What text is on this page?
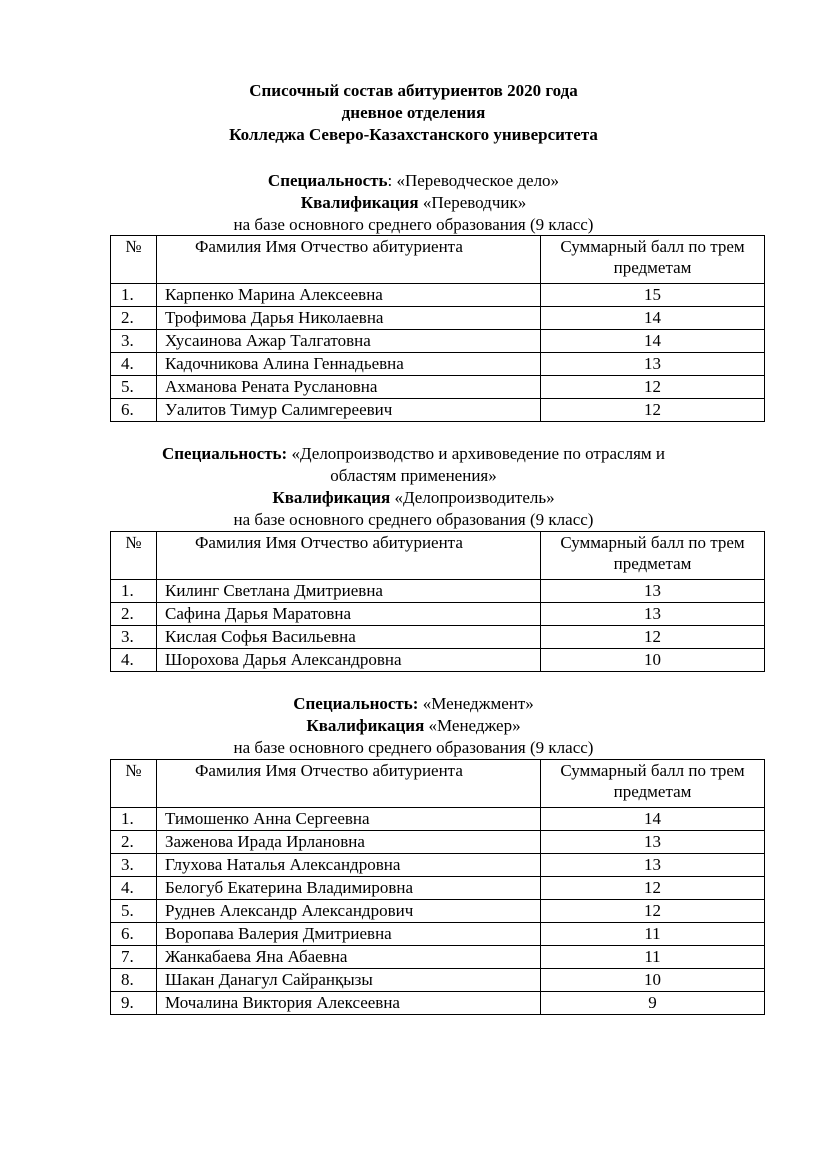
Списочный состав абитуриентов 2020 года
дневное отделения
Колледжа Северо-Казахстанского университета
Специальность: «Переводческое дело»
Квалификация «Переводчик»
на базе основного среднего образования (9 класс)
№	Фамилия Имя Отчество абитуриента	Суммарный балл по трем предметам
1.	Карпенко Марина Алексеевна	15
2.	Трофимова Дарья Николаевна	14
3.	Хусаинова Ажар Талгатовна	14
4.	Кадочникова Алина Геннадьевна	13
5.	Ахманова Рената Руслановна	12
6.	Уалитов Тимур Салимгереевич	12
Специальность: «Делопроизводство и архивоведение по отраслям и
областям применения»
Квалификация «Делопроизводитель»
на базе основного среднего образования (9 класс)
№	Фамилия Имя Отчество абитуриента	Суммарный балл по трем предметам
1.	Килинг Светлана Дмитриевна	13
2.	Сафина Дарья Маратовна	13
3.	Кислая Софья Васильевна	12
4.	Шорохова Дарья Александровна	10
Специальность: «Менеджмент»
Квалификация «Менеджер»
на базе основного среднего образования (9 класс)
№	Фамилия Имя Отчество абитуриента	Суммарный балл по трем предметам
1.	Тимошенко Анна Сергеевна	14
2.	Заженова Ирада Ирлановна	13
3.	Глухова Наталья Александровна	13
4.	Белогуб Екатерина Владимировна	12
5.	Руднев Александр Александрович	12
6.	Воропава Валерия Дмитриевна	11
7.	Жанкабаева Яна Абаевна	11
8.	Шакан Данагул Сайранқызы	10
9.	Мочалина Виктория Алексеевна	9
